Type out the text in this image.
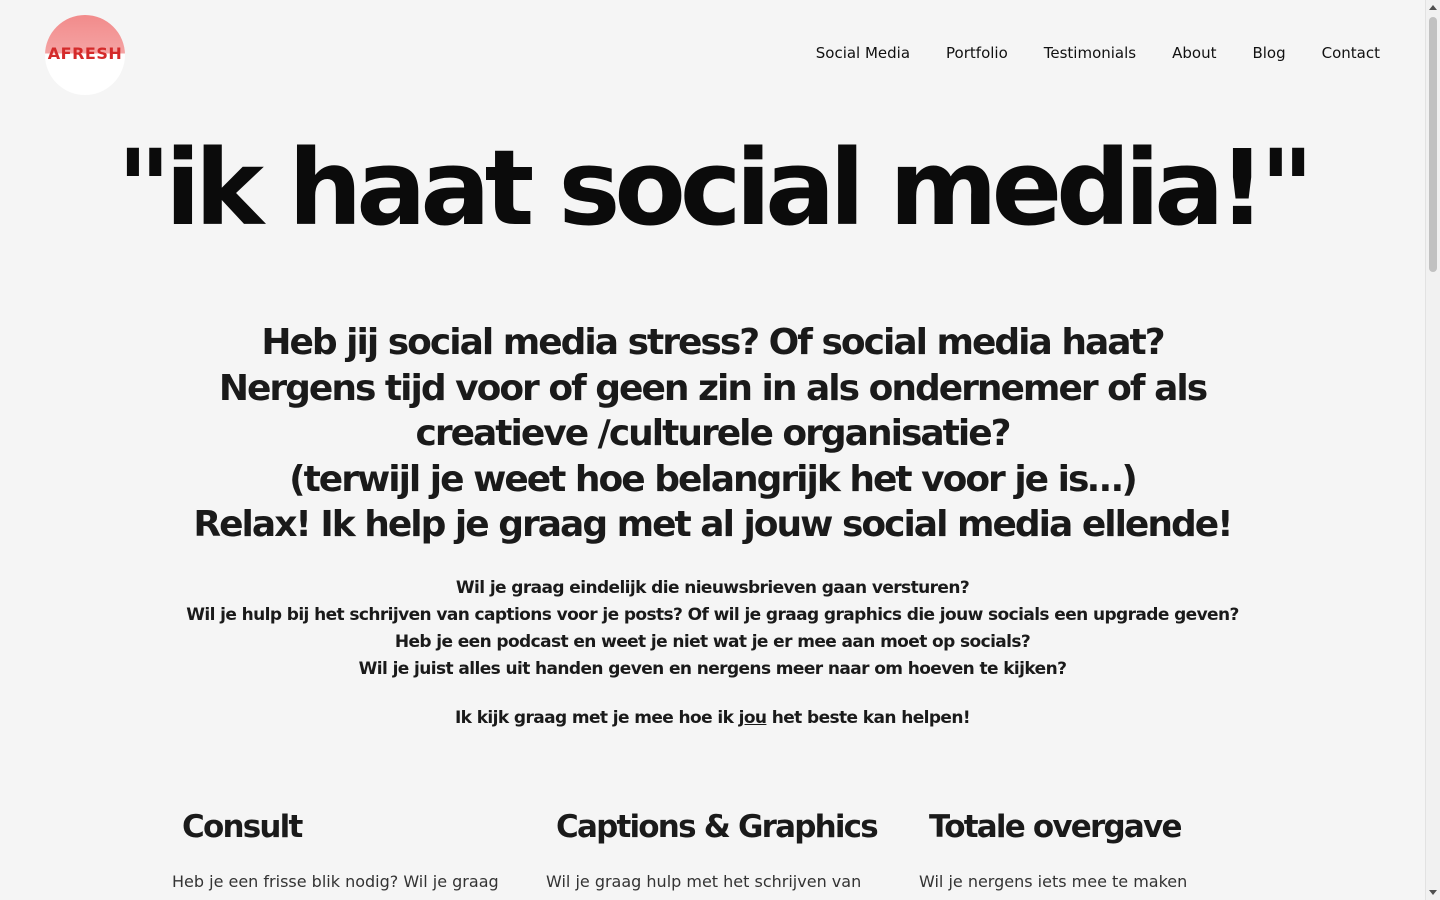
AFRESH	Social Media Portfolio Testimonials About Blog Contact
"ik haat social media!"
Heb jij social media stress? Of social media haat?
Nergens tijd voor of geen zin in als ondernemer of als
creatieve /culturele organisatie?
(terwijl je weet hoe belangrijk het voor je is…)
Relax! Ik help je graag met al jouw social media ellende!
Wil je graag eindelijk die nieuwsbrieven gaan versturen?
Wil je hulp bij het schrijven van captions voor je posts? Of wil je graag graphics die jouw socials een upgrade geven?
Heb je een podcast en weet je niet wat je er mee aan moet op socials?
Wil je juist alles uit handen geven en nergens meer naar om hoeven te kijken?
Ik kijk graag met je mee hoe ik jou het beste kan helpen!
Consult

Heb je een frisse blik nodig? Wil je graag

Captions & Graphics

Wil je graag hulp met het schrijven van

Totale overgave

Wil je nergens iets mee te maken
